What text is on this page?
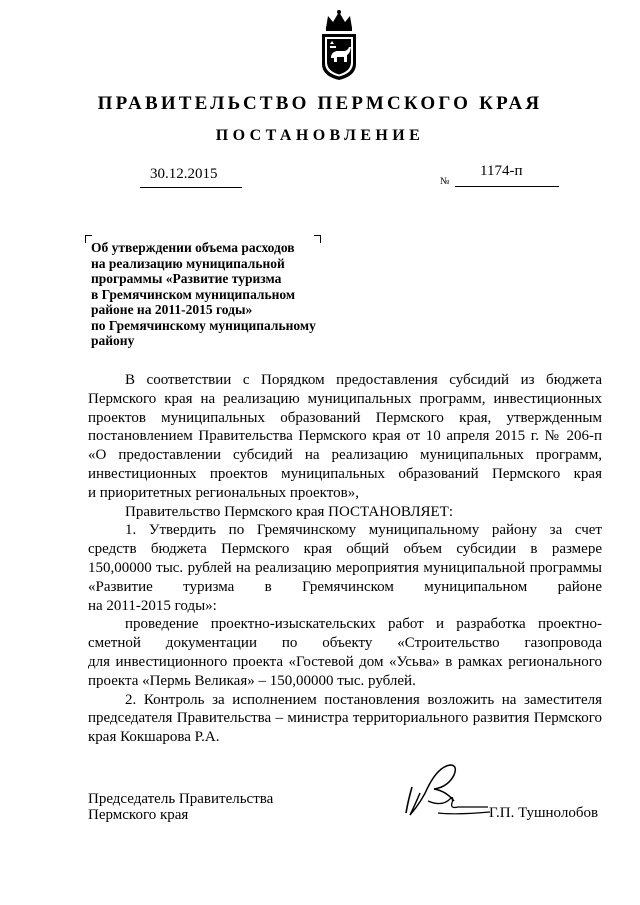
ПРАВИТЕЛЬСТВО ПЕРМСКОГО КРАЯ
ПОСТАНОВЛЕНИЕ
30.12.2015	№
1174-п
Об утверждении объема расходов
на реализацию муниципальной
программы «Развитие туризма
в Гремячинском муниципальном
районе на 2011-2015 годы»
по Гремячинскому муниципальному
району
В соответствии с Порядком предоставления субсидий из бюджета
Пермского края на реализацию муниципальных программ, инвестиционных
проектов муниципальных образований Пермского края, утвержденным
постановлением Правительства Пермского края от 10 апреля 2015 г. № 206-п
«О предоставлении субсидий на реализацию муниципальных программ,
инвестиционных проектов муниципальных образований Пермского края
и приоритетных региональных проектов»,
Правительство Пермского края ПОСТАНОВЛЯЕТ:
1. Утвердить по Гремячинскому муниципальному району за счет
средств бюджета Пермского края общий объем субсидии в размере
150,00000 тыс. рублей на реализацию мероприятия муниципальной программы
«Развитие туризма в Гремячинском муниципальном районе
на 2011-2015 годы»:
проведение проектно-изыскательских работ и разработка проектно-
сметной документации по объекту «Строительство газопровода
для инвестиционного проекта «Гостевой дом «Усьва» в рамках регионального
проекта «Пермь Великая» – 150,00000 тыс. рублей.
2. Контроль за исполнением постановления возложить на заместителя
председателя Правительства – министра территориального развития Пермского
края Кокшарова Р.А.
Председатель Правительства
Пермского края	Г.П. Тушнолобов
